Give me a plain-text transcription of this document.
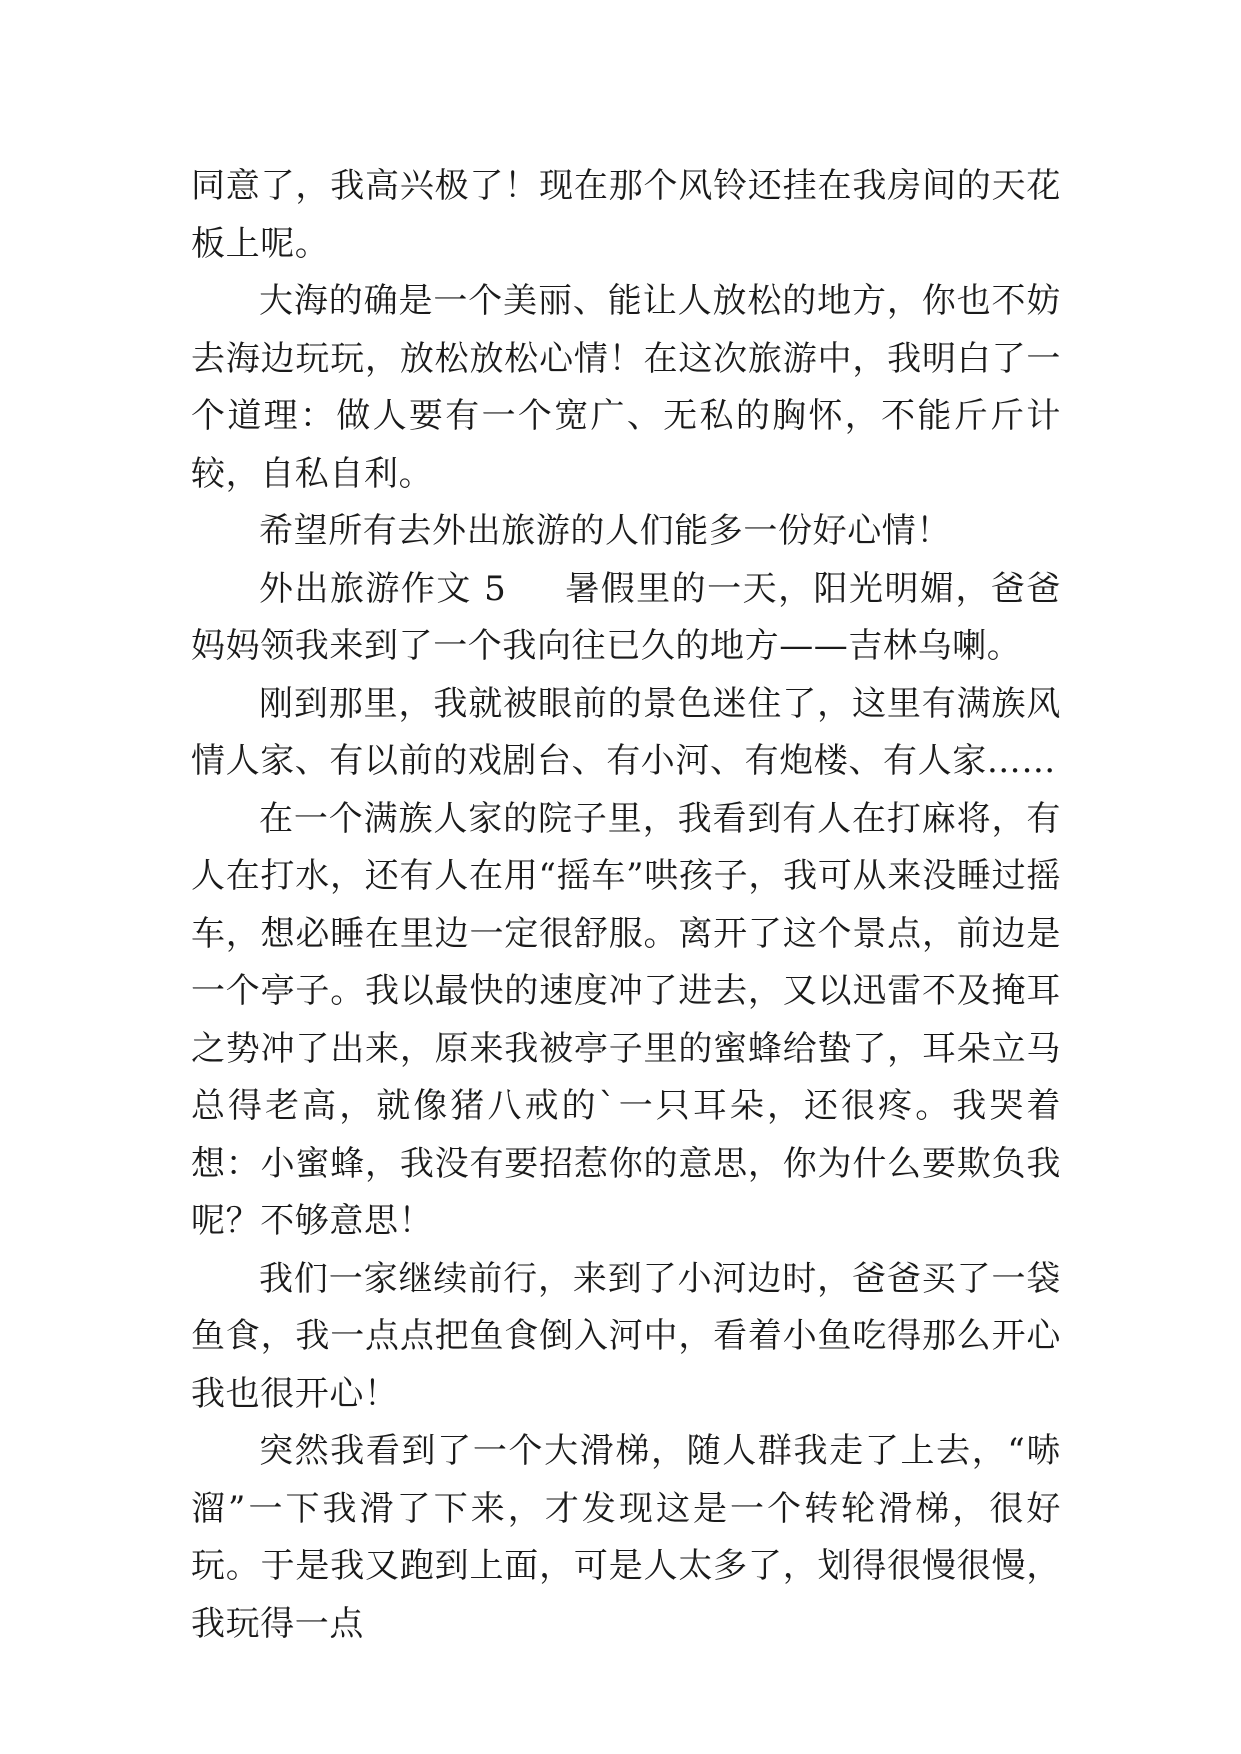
同意了，我高兴极了！现在那个风铃还挂在我房间的天花板上呢。

大海的确是一个美丽、能让人放松的地方，你也不妨去海边玩玩，放松放松心情！在这次旅游中，我明白了一个道理：做人要有一个宽广、无私的胸怀，不能斤斤计较，自私自利。

希望所有去外出旅游的人们能多一份好心情！

外出旅游作文 5 暑假里的一天，阳光明媚，爸爸妈妈领我来到了一个我向往已久的地方——吉林乌喇。

刚到那里，我就被眼前的景色迷住了，这里有满族风情人家、有以前的戏剧台、有小河、有炮楼、有人家……

在一个满族人家的院子里，我看到有人在打麻将，有人在打水，还有人在用“摇车”哄孩子，我可从来没睡过摇车，想必睡在里边一定很舒服。离开了这个景点，前边是一个亭子。我以最快的速度冲了进去，又以迅雷不及掩耳之势冲了出来，原来我被亭子里的蜜蜂给蛰了，耳朵立马总得老高，就像猪八戒的`一只耳朵，还很疼。我哭着想：小蜜蜂，我没有要招惹你的意思，你为什么要欺负我呢？不够意思！

我们一家继续前行，来到了小河边时，爸爸买了一袋鱼食，我一点点把鱼食倒入河中，看着小鱼吃得那么开心我也很开心！

突然我看到了一个大滑梯，随人群我走了上去，“哧溜”一下我滑了下来，才发现这是一个转轮滑梯，很好玩。于是我又跑到上面，可是人太多了，划得很慢很慢，我玩得一点
